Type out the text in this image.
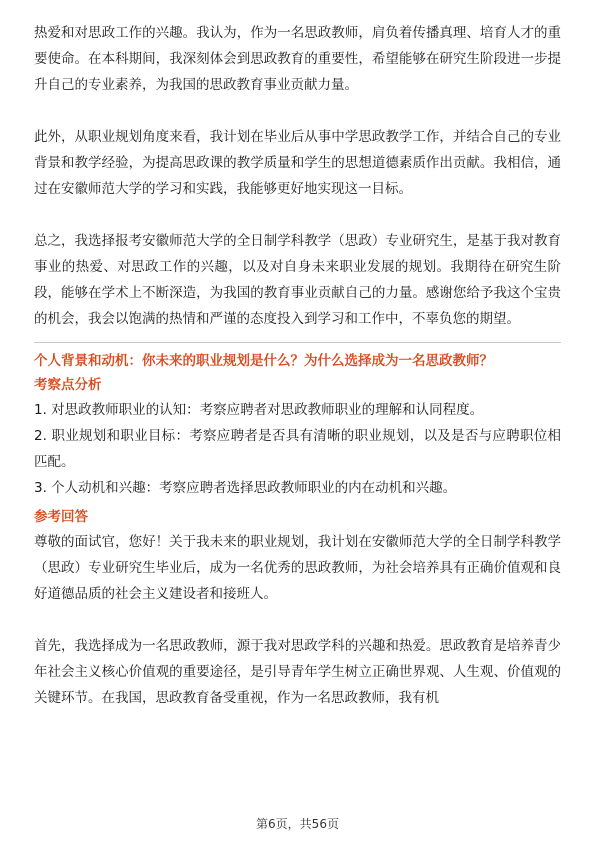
热爱和对思政工作的兴趣。我认为，作为一名思政教师，肩负着传播真理、培育人才的重要使命。在本科期间，我深刻体会到思政教育的重要性，希望能够在研究生阶段进一步提升自己的专业素养，为我国的思政教育事业贡献力量。

此外，从职业规划角度来看，我计划在毕业后从事中学思政教学工作，并结合自己的专业背景和教学经验，为提高思政课的教学质量和学生的思想道德素质作出贡献。我相信，通过在安徽师范大学的学习和实践，我能够更好地实现这一目标。

总之，我选择报考安徽师范大学的全日制学科教学（思政）专业研究生，是基于我对教育事业的热爱、对思政工作的兴趣，以及对自身未来职业发展的规划。我期待在研究生阶段，能够在学术上不断深造，为我国的教育事业贡献自己的力量。感谢您给予我这个宝贵的机会，我会以饱满的热情和严谨的态度投入到学习和工作中，不辜负您的期望。

个人背景和动机：你未来的职业规划是什么？为什么选择成为一名思政教师？

考察点分析

1. 对思政教师职业的认知：考察应聘者对思政教师职业的理解和认同程度。

2. 职业规划和职业目标：考察应聘者是否具有清晰的职业规划，以及是否与应聘职位相匹配。

3. 个人动机和兴趣：考察应聘者选择思政教师职业的内在动机和兴趣。

参考回答

尊敬的面试官，您好！关于我未来的职业规划，我计划在安徽师范大学的全日制学科教学（思政）专业研究生毕业后，成为一名优秀的思政教师，为社会培养具有正确价值观和良好道德品质的社会主义建设者和接班人。

首先，我选择成为一名思政教师，源于我对思政学科的兴趣和热爱。思政教育是培养青少年社会主义核心价值观的重要途径，是引导青年学生树立正确世界观、人生观、价值观的关键环节。在我国，思政教育备受重视，作为一名思政教师，我有机

第6页，共56页
